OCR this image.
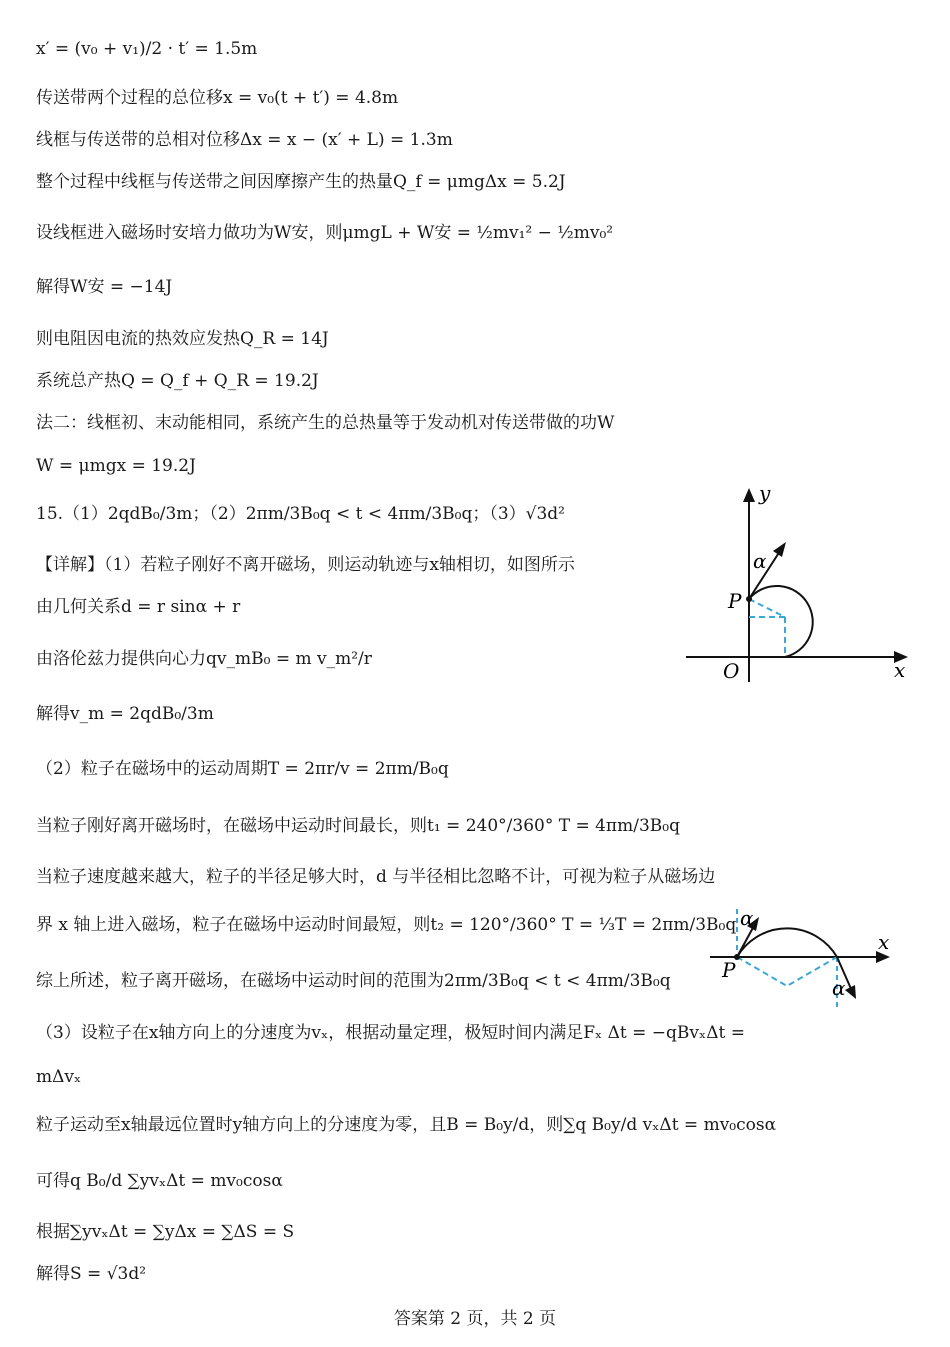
x′ = (v₀ + v₁)/2 · t′ = 1.5m
传送带两个过程的总位移x = v₀(t + t′) = 4.8m
线框与传送带的总相对位移Δx = x − (x′ + L) = 1.3m
整个过程中线框与传送带之间因摩擦产生的热量Q_f = μmgΔx = 5.2J
设线框进入磁场时安培力做功为W安，则μmgL + W安 = ½mv₁² − ½mv₀²
解得W安 = −14J
则电阻因电流的热效应发热Q_R = 14J
系统总产热Q = Q_f + Q_R = 19.2J
法二：线框初、末动能相同，系统产生的总热量等于发动机对传送带做的功W
W = μmgx = 19.2J
15.（1）2qdB₀/3m；（2）2πm/3B₀q < t < 4πm/3B₀q；（3）√3d²
【详解】（1）若粒子刚好不离开磁场，则运动轨迹与x轴相切，如图所示
由几何关系d = r sinα + r
由洛伦兹力提供向心力qv_mB₀ = m v_m²/r
解得v_m = 2qdB₀/3m
（2）粒子在磁场中的运动周期T = 2πr/v = 2πm/B₀q
当粒子刚好离开磁场时，在磁场中运动时间最长，则t₁ = 240°/360° T = 4πm/3B₀q
当粒子速度越来越大，粒子的半径足够大时，d 与半径相比忽略不计，可视为粒子从磁场边
界 x 轴上进入磁场，粒子在磁场中运动时间最短，则t₂ = 120°/360° T = ⅓T = 2πm/3B₀q
综上所述，粒子离开磁场，在磁场中运动时间的范围为2πm/3B₀q < t < 4πm/3B₀q
（3）设粒子在x轴方向上的分速度为vₓ，根据动量定理，极短时间内满足Fₓ Δt = −qBvₓΔt =
mΔvₓ
粒子运动至x轴最远位置时y轴方向上的分速度为零，且B = B₀y/d，则∑q B₀y/d vₓΔt = mv₀cosα
可得q B₀/d ∑yvₓΔt = mv₀cosα
根据∑yvₓΔt = ∑yΔx = ∑ΔS = S
解得S = √3d²
y
x
O
P
α
x
P
α
α
答案第 2 页，共 2 页
